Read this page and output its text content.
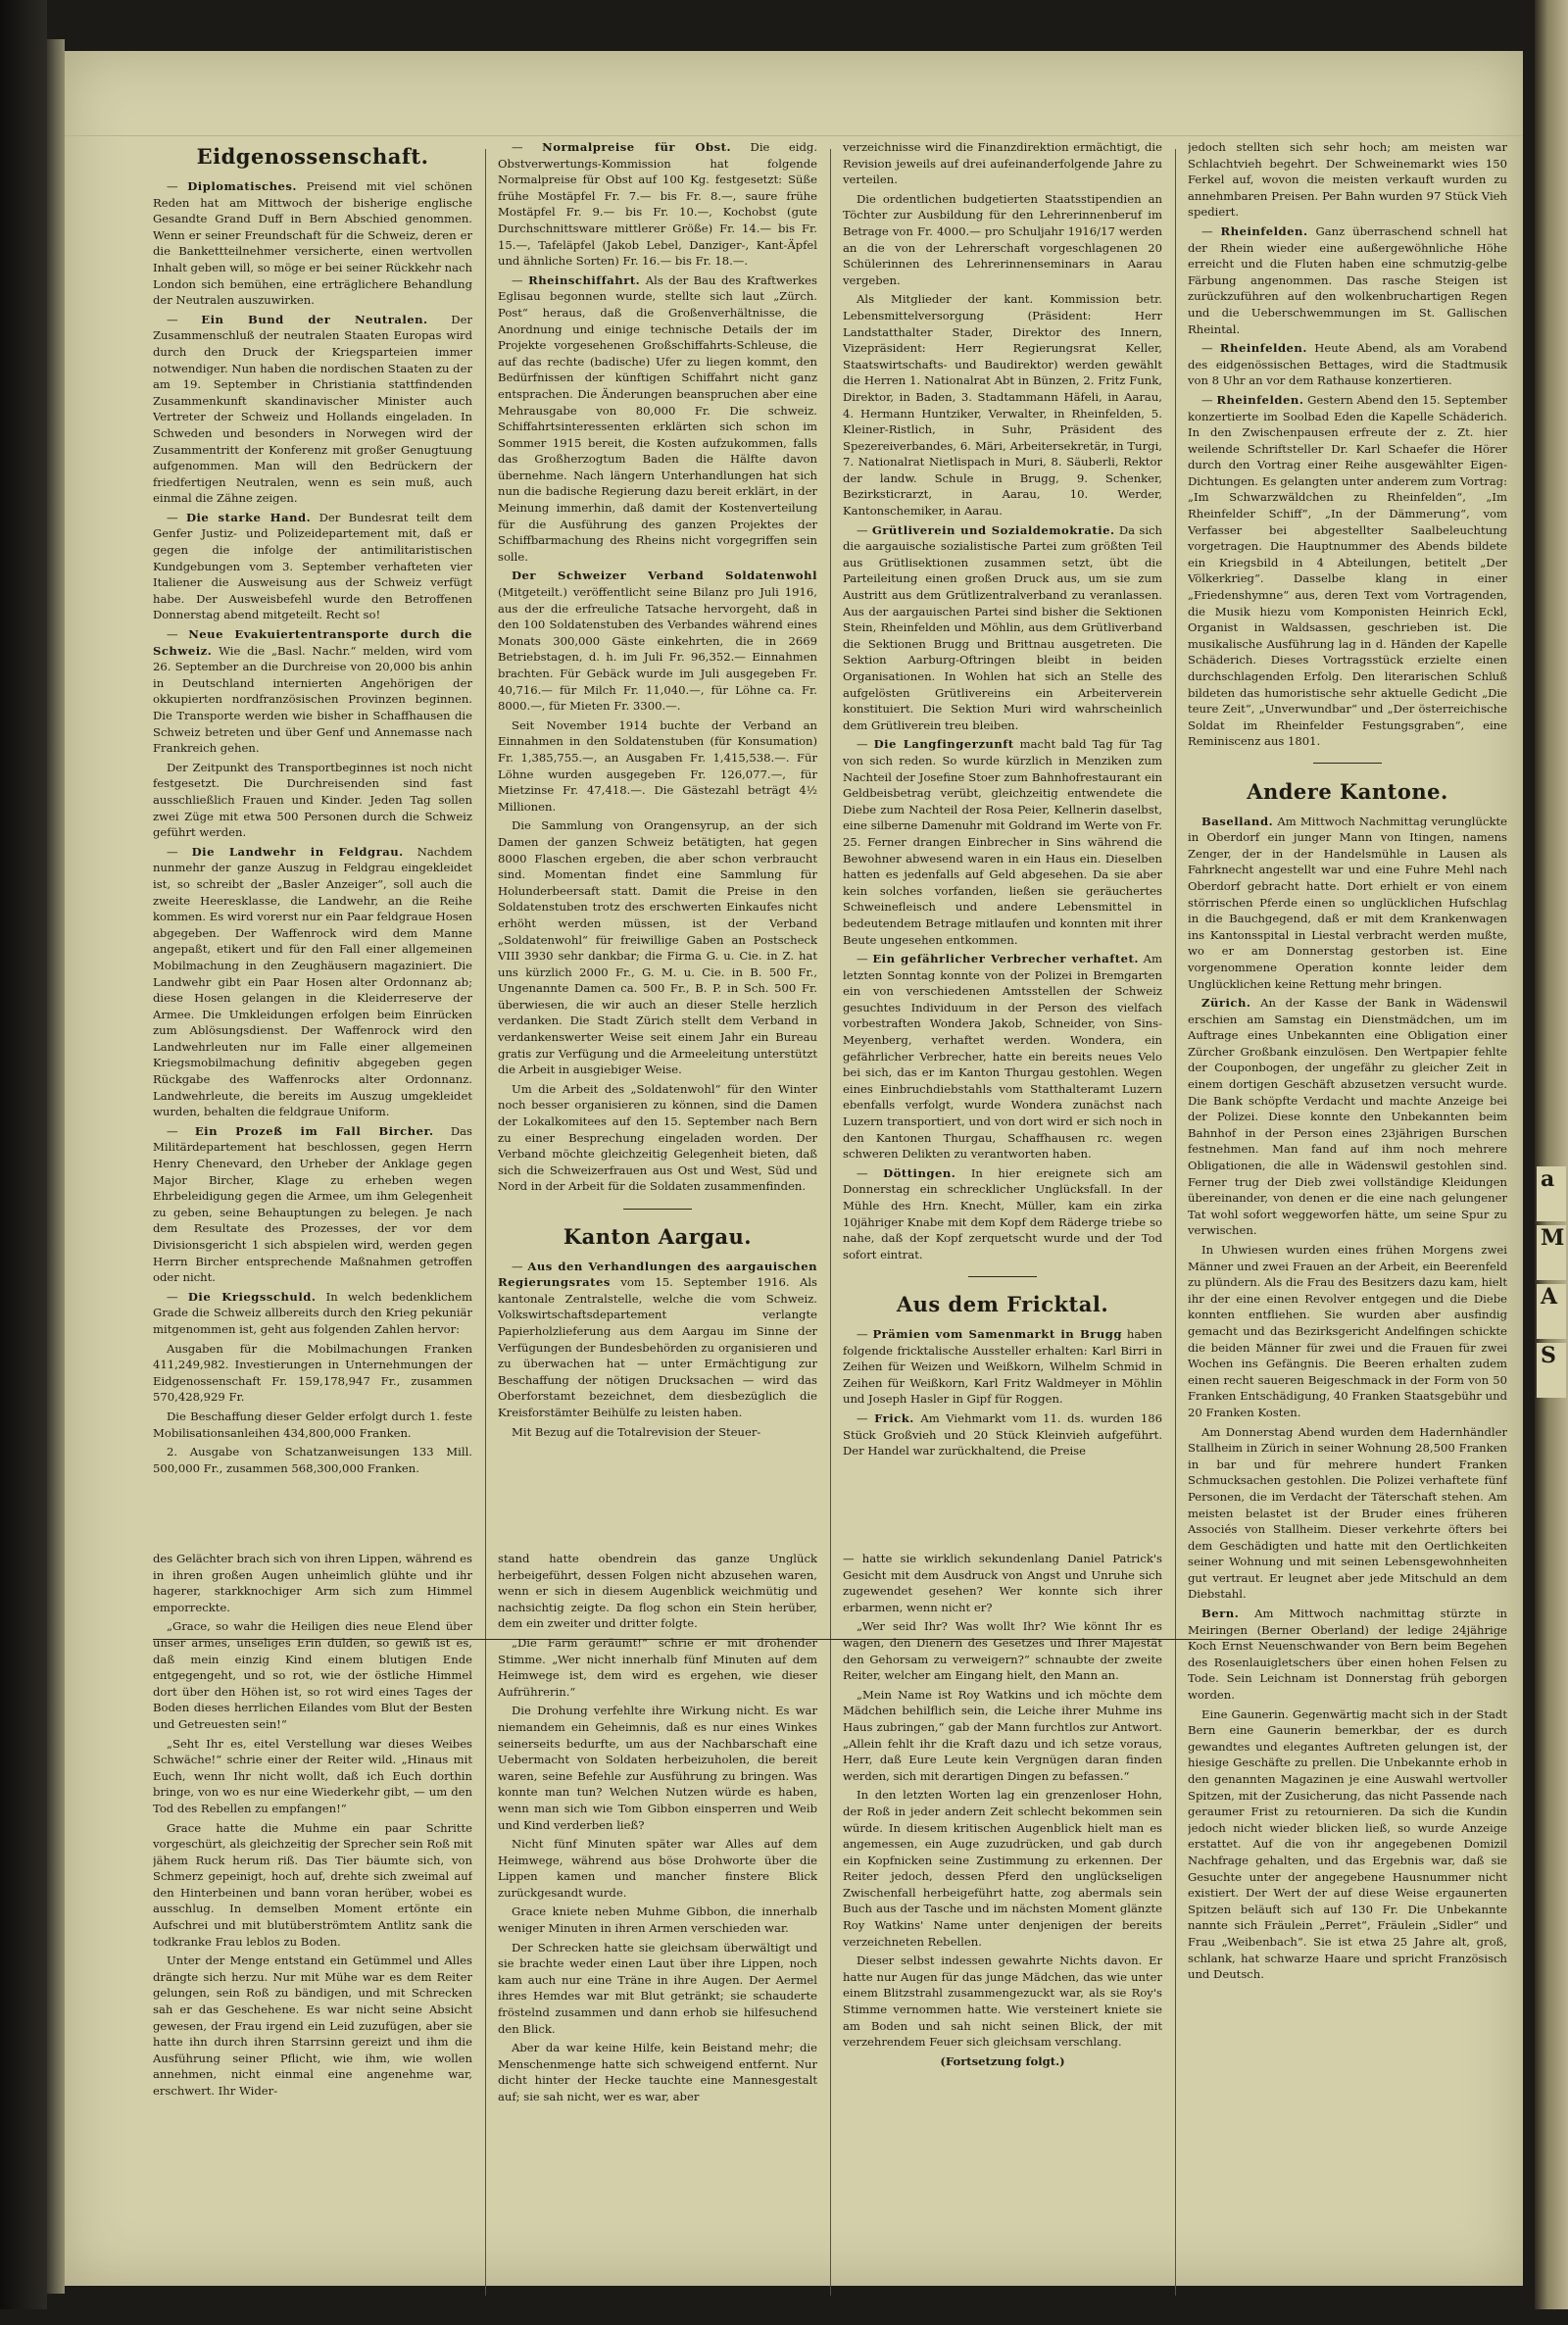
a
M
A
S
Eidgenossenschaft.

— Diplomatisches. Preisend mit viel schönen Reden hat am Mittwoch der bisherige englische Gesandte Grand Duff in Bern Abschied genommen. Wenn er seiner Freundschaft für die Schweiz, deren er die Bankettteilnehmer versicherte, einen wertvollen Inhalt geben will, so möge er bei seiner Rückkehr nach London sich bemühen, eine erträglichere Behandlung der Neutralen auszuwirken.

— Ein Bund der Neutralen. Der Zusammenschluß der neutralen Staaten Europas wird durch den Druck der Kriegsparteien immer notwendiger. Nun haben die nordischen Staaten zu der am 19. September in Christiania stattfindenden Zusammenkunft skandinavischer Minister auch Vertreter der Schweiz und Hollands eingeladen. In Schweden und besonders in Norwegen wird der Zusammentritt der Konferenz mit großer Genugtuung aufgenommen. Man will den Bedrückern der friedfertigen Neutralen, wenn es sein muß, auch einmal die Zähne zeigen.

— Die starke Hand. Der Bundesrat teilt dem Genfer Justiz- und Polizeidepartement mit, daß er gegen die infolge der antimilitaristischen Kundgebungen vom 3. September verhafteten vier Italiener die Ausweisung aus der Schweiz verfügt habe. Der Ausweisbefehl wurde den Betroffenen Donnerstag abend mitgeteilt. Recht so!

— Neue Evakuiertentransporte durch die Schweiz. Wie die „Basl. Nachr.“ melden, wird vom 26. September an die Durchreise von 20,000 bis anhin in Deutschland internierten Angehörigen der okkupierten nordfranzösischen Provinzen beginnen. Die Transporte werden wie bisher in Schaffhausen die Schweiz betreten und über Genf und Annemasse nach Frankreich gehen.

Der Zeitpunkt des Transportbeginnes ist noch nicht festgesetzt. Die Durchreisenden sind fast ausschließlich Frauen und Kinder. Jeden Tag sollen zwei Züge mit etwa 500 Personen durch die Schweiz geführt werden.

— Die Landwehr in Feldgrau. Nachdem nunmehr der ganze Auszug in Feldgrau eingekleidet ist, so schreibt der „Basler Anzeiger“, soll auch die zweite Heeresklasse, die Landwehr, an die Reihe kommen. Es wird vorerst nur ein Paar feldgraue Hosen abgegeben. Der Waffenrock wird dem Manne angepaßt, etikert und für den Fall einer allgemeinen Mobilmachung in den Zeughäusern magaziniert. Die Landwehr gibt ein Paar Hosen alter Ordonnanz ab; diese Hosen gelangen in die Kleiderreserve der Armee. Die Umkleidungen erfolgen beim Einrücken zum Ablösungsdienst. Der Waffenrock wird den Landwehrleuten nur im Falle einer allgemeinen Kriegsmobilmachung definitiv abgegeben gegen Rückgabe des Waffenrocks alter Ordonnanz. Landwehrleute, die bereits im Auszug umgekleidet wurden, behalten die feldgraue Uniform.

— Ein Prozeß im Fall Bircher. Das Militärdepartement hat beschlossen, gegen Herrn Henry Chenevard, den Urheber der Anklage gegen Major Bircher, Klage zu erheben wegen Ehrbeleidigung gegen die Armee, um ihm Gelegenheit zu geben, seine Behauptungen zu belegen. Je nach dem Resultate des Prozesses, der vor dem Divisionsgericht 1 sich abspielen wird, werden gegen Herrn Bircher entsprechende Maßnahmen getroffen oder nicht.

— Die Kriegsschuld. In welch bedenklichem Grade die Schweiz allbereits durch den Krieg pekuniär mitgenommen ist, geht aus folgenden Zahlen hervor:

Ausgaben für die Mobilmachungen Franken 411,249,982. Investierungen in Unternehmungen der Eidgenossenschaft Fr. 159,178,947 Fr., zusammen 570,428,929 Fr.

Die Beschaffung dieser Gelder erfolgt durch 1. feste Mobilisationsanleihen 434,800,000 Franken.

2. Ausgabe von Schatzanweisungen 133 Mill. 500,000 Fr., zusammen 568,300,000 Franken.

des Gelächter brach sich von ihren Lippen, während es in ihren großen Augen unheimlich glühte und ihr hagerer, starkknochiger Arm sich zum Himmel emporreckte.

„Grace, so wahr die Heiligen dies neue Elend über unser armes, unseliges Erin dulden, so gewiß ist es, daß mein einzig Kind einem blutigen Ende entgegengeht, und so rot, wie der östliche Himmel dort über den Höhen ist, so rot wird eines Tages der Boden dieses herrlichen Eilandes vom Blut der Besten und Getreuesten sein!“

„Seht Ihr es, eitel Verstellung war dieses Weibes Schwäche!“ schrie einer der Reiter wild. „Hinaus mit Euch, wenn Ihr nicht wollt, daß ich Euch dorthin bringe, von wo es nur eine Wiederkehr gibt, — um den Tod des Rebellen zu empfangen!“

Grace hatte die Muhme ein paar Schritte vorgeschürt, als gleichzeitig der Sprecher sein Roß mit jähem Ruck herum riß. Das Tier bäumte sich, von Schmerz gepeinigt, hoch auf, drehte sich zweimal auf den Hinterbeinen und bann voran herüber, wobei es ausschlug. In demselben Moment ertönte ein Aufschrei und mit blutüberströmtem Antlitz sank die todkranke Frau leblos zu Boden.

Unter der Menge entstand ein Getümmel und Alles drängte sich herzu. Nur mit Mühe war es dem Reiter gelungen, sein Roß zu bändigen, und mit Schrecken sah er das Geschehene. Es war nicht seine Absicht gewesen, der Frau irgend ein Leid zuzufügen, aber sie hatte ihn durch ihren Starrsinn gereizt und ihm die Ausführung seiner Pflicht, wie ihm, wie wollen annehmen, nicht einmal eine angenehme war, erschwert. Ihr Wider-

— Normalpreise für Obst. Die eidg. Obstverwertungs-Kommission hat folgende Normalpreise für Obst auf 100 Kg. festgesetzt: Süße frühe Mostäpfel Fr. 7.— bis Fr. 8.—, saure frühe Mostäpfel Fr. 9.— bis Fr. 10.—, Kochobst (gute Durchschnittsware mittlerer Größe) Fr. 14.— bis Fr. 15.—, Tafeläpfel (Jakob Lebel, Danziger-, Kant-Äpfel und ähnliche Sorten) Fr. 16.— bis Fr. 18.—.

— Rheinschiffahrt. Als der Bau des Kraftwerkes Eglisau begonnen wurde, stellte sich laut „Zürch. Post“ heraus, daß die Großenverhältnisse, die Anordnung und einige technische Details der im Projekte vorgesehenen Großschiffahrts-Schleuse, die auf das rechte (badische) Ufer zu liegen kommt, den Bedürfnissen der künftigen Schiffahrt nicht ganz entsprachen. Die Änderungen beanspruchen aber eine Mehrausgabe von 80,000 Fr. Die schweiz. Schiffahrtsinteressenten erklärten sich schon im Sommer 1915 bereit, die Kosten aufzukommen, falls das Großherzogtum Baden die Hälfte davon übernehme. Nach längern Unterhandlungen hat sich nun die badische Regierung dazu bereit erklärt, in der Meinung immerhin, daß damit der Kostenverteilung für die Ausführung des ganzen Projektes der Schiffbarmachung des Rheins nicht vorgegriffen sein solle.

Der Schweizer Verband Soldatenwohl (Mitgeteilt.) veröffentlicht seine Bilanz pro Juli 1916, aus der die erfreuliche Tatsache hervorgeht, daß in den 100 Soldatenstuben des Verbandes während eines Monats 300,000 Gäste einkehrten, die in 2669 Betriebstagen, d. h. im Juli Fr. 96,352.— Einnahmen brachten. Für Gebäck wurde im Juli ausgegeben Fr. 40,716.— für Milch Fr. 11,040.—, für Löhne ca. Fr. 8000.—, für Mieten Fr. 3300.—.

Seit November 1914 buchte der Verband an Einnahmen in den Soldatenstuben (für Konsumation) Fr. 1,385,755.—, an Ausgaben Fr. 1,415,538.—. Für Löhne wurden ausgegeben Fr. 126,077.—, für Mietzinse Fr. 47,418.—. Die Gästezahl beträgt 4½ Millionen.

Die Sammlung von Orangensyrup, an der sich Damen der ganzen Schweiz betätigten, hat gegen 8000 Flaschen ergeben, die aber schon verbraucht sind. Momentan findet eine Sammlung für Holunderbeersaft statt. Damit die Preise in den Soldatenstuben trotz des erschwerten Einkaufes nicht erhöht werden müssen, ist der Verband „Soldatenwohl“ für freiwillige Gaben an Postscheck VIII 3930 sehr dankbar; die Firma G. u. Cie. in Z. hat uns kürzlich 2000 Fr., G. M. u. Cie. in B. 500 Fr., Ungenannte Damen ca. 500 Fr., B. P. in Sch. 500 Fr. überwiesen, die wir auch an dieser Stelle herzlich verdanken. Die Stadt Zürich stellt dem Verband in verdankenswerter Weise seit einem Jahr ein Bureau gratis zur Verfügung und die Armeeleitung unterstützt die Arbeit in ausgiebiger Weise.

Um die Arbeit des „Soldatenwohl“ für den Winter noch besser organisieren zu können, sind die Damen der Lokalkomitees auf den 15. September nach Bern zu einer Besprechung eingeladen worden. Der Verband möchte gleichzeitig Gelegenheit bieten, daß sich die Schweizerfrauen aus Ost und West, Süd und Nord in der Arbeit für die Soldaten zusammenfinden.

Kanton Aargau.

— Aus den Verhandlungen des aargauischen Regierungsrates vom 15. September 1916. Als kantonale Zentralstelle, welche die vom Schweiz. Volkswirtschaftsdepartement verlangte Papierholzlieferung aus dem Aargau im Sinne der Verfügungen der Bundesbehörden zu organisieren und zu überwachen hat — unter Ermächtigung zur Beschaffung der nötigen Drucksachen — wird das Oberforstamt bezeichnet, dem diesbezüglich die Kreisforstämter Beihülfe zu leisten haben.

Mit Bezug auf die Totalrevision der Steuer-

stand hatte obendrein das ganze Unglück herbeigeführt, dessen Folgen nicht abzusehen waren, wenn er sich in diesem Augenblick weichmütig und nachsichtig zeigte. Da flog schon ein Stein herüber, dem ein zweiter und dritter folgte.

„Die Farm geräumt!“ schrie er mit drohender Stimme. „Wer nicht innerhalb fünf Minuten auf dem Heimwege ist, dem wird es ergehen, wie dieser Aufrührerin.“

Die Drohung verfehlte ihre Wirkung nicht. Es war niemandem ein Geheimnis, daß es nur eines Winkes seinerseits bedurfte, um aus der Nachbarschaft eine Uebermacht von Soldaten herbeizuholen, die bereit waren, seine Befehle zur Ausführung zu bringen. Was konnte man tun? Welchen Nutzen würde es haben, wenn man sich wie Tom Gibbon einsperren und Weib und Kind verderben ließ?

Nicht fünf Minuten später war Alles auf dem Heimwege, während aus böse Drohworte über die Lippen kamen und mancher finstere Blick zurückgesandt wurde.

Grace kniete neben Muhme Gibbon, die innerhalb weniger Minuten in ihren Armen verschieden war.

Der Schrecken hatte sie gleichsam überwältigt und sie brachte weder einen Laut über ihre Lippen, noch kam auch nur eine Träne in ihre Augen. Der Aermel ihres Hemdes war mit Blut getränkt; sie schauderte fröstelnd zusammen und dann erhob sie hilfesuchend den Blick.

Aber da war keine Hilfe, kein Beistand mehr; die Menschenmenge hatte sich schweigend entfernt. Nur dicht hinter der Hecke tauchte eine Mannesgestalt auf; sie sah nicht, wer es war, aber

verzeichnisse wird die Finanzdirektion ermächtigt, die Revision jeweils auf drei aufeinanderfolgende Jahre zu verteilen.

Die ordentlichen budgetierten Staatsstipendien an Töchter zur Ausbildung für den Lehrerinnenberuf im Betrage von Fr. 4000.— pro Schuljahr 1916/17 werden an die von der Lehrerschaft vorgeschlagenen 20 Schülerinnen des Lehrerinnenseminars in Aarau vergeben.

Als Mitglieder der kant. Kommission betr. Lebensmittelversorgung (Präsident: Herr Landstatthalter Stader, Direktor des Innern, Vizepräsident: Herr Regierungsrat Keller, Staatswirtschafts- und Baudirektor) werden gewählt die Herren 1. Nationalrat Abt in Bünzen, 2. Fritz Funk, Direktor, in Baden, 3. Stadtammann Häfeli, in Aarau, 4. Hermann Huntziker, Verwalter, in Rheinfelden, 5. Kleiner-Ristlich, in Suhr, Präsident des Spezereiverbandes, 6. Märi, Arbeitersekretär, in Turgi, 7. Nationalrat Nietlispach in Muri, 8. Säuberli, Rektor der landw. Schule in Brugg, 9. Schenker, Bezirksticrarzt, in Aarau, 10. Werder, Kantonschemiker, in Aarau.

— Grütliverein und Sozialdemokratie. Da sich die aargauische sozialistische Partei zum größten Teil aus Grütlisektionen zusammen setzt, übt die Parteileitung einen großen Druck aus, um sie zum Austritt aus dem Grütlizentralverband zu veranlassen. Aus der aargauischen Partei sind bisher die Sektionen Stein, Rheinfelden und Möhlin, aus dem Grütliverband die Sektionen Brugg und Brittnau ausgetreten. Die Sektion Aarburg-Oftringen bleibt in beiden Organisationen. In Wohlen hat sich an Stelle des aufgelösten Grütlivereins ein Arbeiterverein konstituiert. Die Sektion Muri wird wahrscheinlich dem Grütliverein treu bleiben.

— Die Langfingerzunft macht bald Tag für Tag von sich reden. So wurde kürzlich in Menziken zum Nachteil der Josefine Stoer zum Bahnhofrestaurant ein Geldbeisbetrag verübt, gleichzeitig entwendete die Diebe zum Nachteil der Rosa Peier, Kellnerin daselbst, eine silberne Damenuhr mit Goldrand im Werte von Fr. 25. Ferner drangen Einbrecher in Sins während die Bewohner abwesend waren in ein Haus ein. Dieselben hatten es jedenfalls auf Geld abgesehen. Da sie aber kein solches vorfanden, ließen sie geräuchertes Schweinefleisch und andere Lebensmittel in bedeutendem Betrage mitlaufen und konnten mit ihrer Beute ungesehen entkommen.

— Ein gefährlicher Verbrecher verhaftet. Am letzten Sonntag konnte von der Polizei in Bremgarten ein von verschiedenen Amtsstellen der Schweiz gesuchtes Individuum in der Person des vielfach vorbestraften Wondera Jakob, Schneider, von Sins-Meyenberg, verhaftet werden. Wondera, ein gefährlicher Verbrecher, hatte ein bereits neues Velo bei sich, das er im Kanton Thurgau gestohlen. Wegen eines Einbruchdiebstahls vom Statthalteramt Luzern ebenfalls verfolgt, wurde Wondera zunächst nach Luzern transportiert, und von dort wird er sich noch in den Kantonen Thurgau, Schaffhausen rc. wegen schweren Delikten zu verantworten haben.

— Döttingen. In hier ereignete sich am Donnerstag ein schrecklicher Unglücksfall. In der Mühle des Hrn. Knecht, Müller, kam ein zirka 10jähriger Knabe mit dem Kopf dem Räderge triebe so nahe, daß der Kopf zerquetscht wurde und der Tod sofort eintrat.

Aus dem Fricktal.

— Prämien vom Samenmarkt in Brugg haben folgende fricktalische Aussteller erhalten: Karl Birri in Zeihen für Weizen und Weißkorn, Wilhelm Schmid in Zeihen für Weißkorn, Karl Fritz Waldmeyer in Möhlin und Joseph Hasler in Gipf für Roggen.

— Frick. Am Viehmarkt vom 11. ds. wurden 186 Stück Großvieh und 20 Stück Kleinvieh aufgeführt. Der Handel war zurückhaltend, die Preise

— hatte sie wirklich sekundenlang Daniel Patrick's Gesicht mit dem Ausdruck von Angst und Unruhe sich zugewendet gesehen? Wer konnte sich ihrer erbarmen, wenn nicht er?

„Wer seid Ihr? Was wollt Ihr? Wie könnt Ihr es wagen, den Dienern des Gesetzes und Ihrer Majestät den Gehorsam zu verweigern?“ schnaubte der zweite Reiter, welcher am Eingang hielt, den Mann an.

„Mein Name ist Roy Watkins und ich möchte dem Mädchen behilflich sein, die Leiche ihrer Muhme ins Haus zubringen,“ gab der Mann furchtlos zur Antwort. „Allein fehlt ihr die Kraft dazu und ich setze voraus, Herr, daß Eure Leute kein Vergnügen daran finden werden, sich mit derartigen Dingen zu befassen.“

In den letzten Worten lag ein grenzenloser Hohn, der Roß in jeder andern Zeit schlecht bekommen sein würde. In diesem kritischen Augenblick hielt man es angemessen, ein Auge zuzudrücken, und gab durch ein Kopfnicken seine Zustimmung zu erkennen. Der Reiter jedoch, dessen Pferd den unglückseligen Zwischenfall herbeigeführt hatte, zog abermals sein Buch aus der Tasche und im nächsten Moment glänzte Roy Watkins' Name unter denjenigen der bereits verzeichneten Rebellen.

Dieser selbst indessen gewahrte Nichts davon. Er hatte nur Augen für das junge Mädchen, das wie unter einem Blitzstrahl zusammengezuckt war, als sie Roy's Stimme vernommen hatte. Wie versteinert kniete sie am Boden und sah nicht seinen Blick, der mit verzehrendem Feuer sich gleichsam verschlang.

(Fortsetzung folgt.)

jedoch stellten sich sehr hoch; am meisten war Schlachtvieh begehrt. Der Schweinemarkt wies 150 Ferkel auf, wovon die meisten verkauft wurden zu annehmbaren Preisen. Per Bahn wurden 97 Stück Vieh spediert.

— Rheinfelden. Ganz überraschend schnell hat der Rhein wieder eine außergewöhnliche Höhe erreicht und die Fluten haben eine schmutzig-gelbe Färbung angenommen. Das rasche Steigen ist zurückzuführen auf den wolkenbruchartigen Regen und die Ueberschwemmungen im St. Gallischen Rheintal.

— Rheinfelden. Heute Abend, als am Vorabend des eidgenössischen Bettages, wird die Stadtmusik von 8 Uhr an vor dem Rathause konzertieren.

— Rheinfelden. Gestern Abend den 15. September konzertierte im Soolbad Eden die Kapelle Schäderich. In den Zwischenpausen erfreute der z. Zt. hier weilende Schriftsteller Dr. Karl Schaefer die Hörer durch den Vortrag einer Reihe ausgewählter Eigen-Dichtungen. Es gelangten unter anderem zum Vortrag: „Im Schwarzwäldchen zu Rheinfelden“, „Im Rheinfelder Schiff“, „In der Dämmerung“, vom Verfasser bei abgestellter Saalbeleuchtung vorgetragen. Die Hauptnummer des Abends bildete ein Kriegsbild in 4 Abteilungen, betitelt „Der Völkerkrieg“. Dasselbe klang in einer „Friedenshymne“ aus, deren Text vom Vortragenden, die Musik hiezu vom Komponisten Heinrich Eckl, Organist in Waldsassen, geschrieben ist. Die musikalische Ausführung lag in d. Händen der Kapelle Schäderich. Dieses Vortragsstück erzielte einen durchschlagenden Erfolg. Den literarischen Schluß bildeten das humoristische sehr aktuelle Gedicht „Die teure Zeit“, „Unverwundbar“ und „Der österreichische Soldat im Rheinfelder Festungsgraben“, eine Reminiscenz aus 1801.

Andere Kantone.

Baselland. Am Mittwoch Nachmittag verunglückte in Oberdorf ein junger Mann von Itingen, namens Zenger, der in der Handelsmühle in Lausen als Fahrknecht angestellt war und eine Fuhre Mehl nach Oberdorf gebracht hatte. Dort erhielt er von einem störrischen Pferde einen so unglücklichen Hufschlag in die Bauchgegend, daß er mit dem Krankenwagen ins Kantonsspital in Liestal verbracht werden mußte, wo er am Donnerstag gestorben ist. Eine vorgenommene Operation konnte leider dem Unglücklichen keine Rettung mehr bringen.

Zürich. An der Kasse der Bank in Wädenswil erschien am Samstag ein Dienstmädchen, um im Auftrage eines Unbekannten eine Obligation einer Zürcher Großbank einzulösen. Den Wertpapier fehlte der Couponbogen, der ungefähr zu gleicher Zeit in einem dortigen Geschäft abzusetzen versucht wurde. Die Bank schöpfte Verdacht und machte Anzeige bei der Polizei. Diese konnte den Unbekannten beim Bahnhof in der Person eines 23jährigen Burschen festnehmen. Man fand auf ihm noch mehrere Obligationen, die alle in Wädenswil gestohlen sind. Ferner trug der Dieb zwei vollständige Kleidungen übereinander, von denen er die eine nach gelungener Tat wohl sofort weggeworfen hätte, um seine Spur zu verwischen.

In Uhwiesen wurden eines frühen Morgens zwei Männer und zwei Frauen an der Arbeit, ein Beerenfeld zu plündern. Als die Frau des Besitzers dazu kam, hielt ihr der eine einen Revolver entgegen und die Diebe konnten entfliehen. Sie wurden aber ausfindig gemacht und das Bezirksgericht Andelfingen schickte die beiden Männer für zwei und die Frauen für zwei Wochen ins Gefängnis. Die Beeren erhalten zudem einen recht saueren Beigeschmack in der Form von 50 Franken Entschädigung, 40 Franken Staatsgebühr und 20 Franken Kosten.

Am Donnerstag Abend wurden dem Hadernhändler Stallheim in Zürich in seiner Wohnung 28,500 Franken in bar und für mehrere hundert Franken Schmucksachen gestohlen. Die Polizei verhaftete fünf Personen, die im Verdacht der Täterschaft stehen. Am meisten belastet ist der Bruder eines früheren Associés von Stallheim. Dieser verkehrte öfters bei dem Geschädigten und hatte mit den Oertlichkeiten seiner Wohnung und mit seinen Lebensgewohnheiten gut vertraut. Er leugnet aber jede Mitschuld an dem Diebstahl.

Bern. Am Mittwoch nachmittag stürzte in Meiringen (Berner Oberland) der ledige 24jährige Koch Ernst Neuenschwander von Bern beim Begehen des Rosenlauigletschers über einen hohen Felsen zu Tode. Sein Leichnam ist Donnerstag früh geborgen worden.

Eine Gaunerin. Gegenwärtig macht sich in der Stadt Bern eine Gaunerin bemerkbar, der es durch gewandtes und elegantes Auftreten gelungen ist, der hiesige Geschäfte zu prellen. Die Unbekannte erhob in den genannten Magazinen je eine Auswahl wertvoller Spitzen, mit der Zusicherung, das nicht Passende nach geraumer Frist zu retournieren. Da sich die Kundin jedoch nicht wieder blicken ließ, so wurde Anzeige erstattet. Auf die von ihr angegebenen Domizil Nachfrage gehalten, und das Ergebnis war, daß sie Gesuchte unter der angegebene Hausnummer nicht existiert. Der Wert der auf diese Weise ergaunerten Spitzen beläuft sich auf 130 Fr. Die Unbekannte nannte sich Fräulein „Perret“, Fräulein „Sidler“ und Frau „Weibenbach“. Sie ist etwa 25 Jahre alt, groß, schlank, hat schwarze Haare und spricht Französisch und Deutsch.
